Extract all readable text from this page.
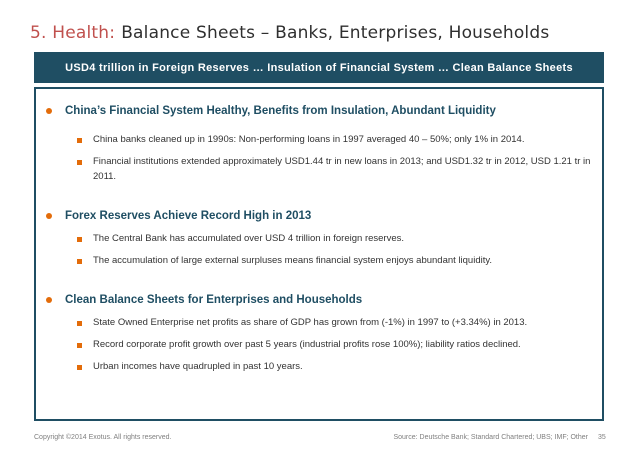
5. Health: Balance Sheets – Banks, Enterprises, Households
USD4 trillion in Foreign Reserves … Insulation of Financial System … Clean Balance Sheets
China’s Financial System Healthy, Benefits from Insulation, Abundant Liquidity
China banks cleaned up in 1990s: Non-performing loans in 1997 averaged 40 – 50%; only 1% in 2014.
Financial institutions extended approximately USD1.44 tr in new loans in 2013; and USD1.32 tr in 2012, USD 1.21 tr in 2011.
Forex Reserves Achieve Record High in 2013
The Central Bank has accumulated over USD 4 trillion in foreign reserves.
The accumulation of large external surpluses means financial system enjoys abundant liquidity.
Clean Balance Sheets for Enterprises and Households
State Owned Enterprise net profits as share of GDP has grown from (-1%) in 1997 to (+3.34%) in 2013.
Record corporate profit growth over past 5 years (industrial profits rose 100%); liability ratios declined.
Urban incomes have quadrupled in past 10 years.
Copyright ©2014 Exotus. All rights reserved.	Source: Deutsche Bank; Standard Chartered; UBS; IMF; Other 35
